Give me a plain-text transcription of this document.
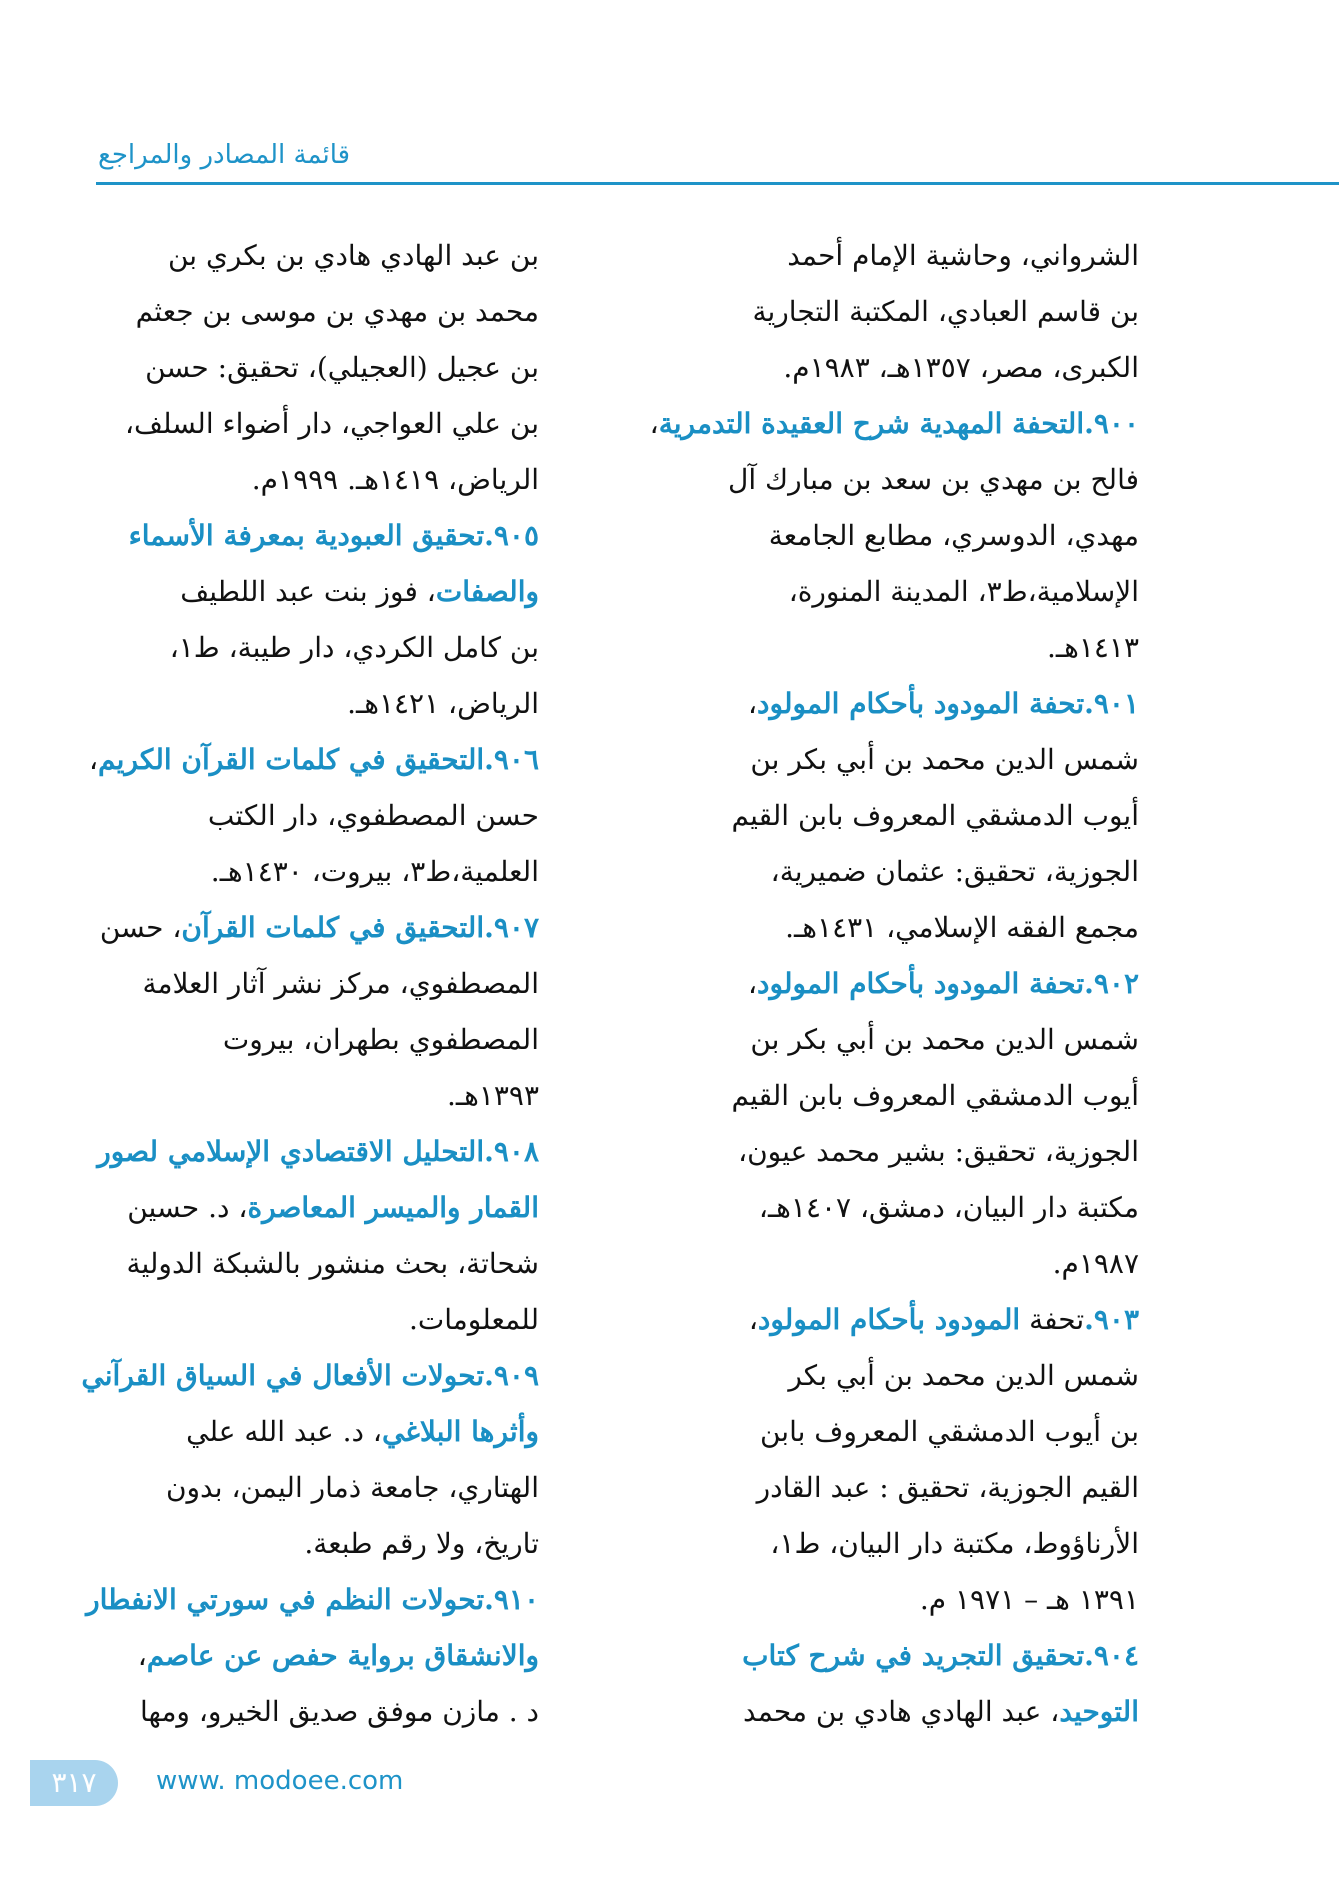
قائمة المصادر والمراجع
الشرواني، وحاشية الإمام أحمد
بن قاسم العبادي، المكتبة التجارية
الكبرى، مصر، ١٣٥٧هـ، ١٩٨٣م.
٩٠٠.التحفة المهدية شرح العقيدة التدمرية،
فالح بن مهدي بن سعد بن مبارك آل
مهدي، الدوسري، مطابع الجامعة
الإسلامية،ط٣، المدينة المنورة،
١٤١٣هـ.
٩٠١.تحفة المودود بأحكام المولود،
شمس الدين محمد بن أبي بكر بن
أيوب الدمشقي المعروف بابن القيم
الجوزية، تحقيق: عثمان ضميرية،
مجمع الفقه الإسلامي، ١٤٣١هـ.
٩٠٢.تحفة المودود بأحكام المولود،
شمس الدين محمد بن أبي بكر بن
أيوب الدمشقي المعروف بابن القيم
الجوزية، تحقيق: بشير محمد عيون،
مكتبة دار البيان، دمشق، ١٤٠٧هـ،
١٩٨٧م.
٩٠٣.تحفة المودود بأحكام المولود،
شمس الدين محمد بن أبي بكر
بن أيوب الدمشقي المعروف بابن
القيم الجوزية، تحقيق : عبد القادر
الأرناؤوط، مكتبة دار البيان، ط١،
١٣٩١ هـ – ١٩٧١ م.
٩٠٤.تحقيق التجريد في شرح كتاب
التوحيد، عبد الهادي هادي بن محمد
بن عبد الهادي هادي بن بكري بن
محمد بن مهدي بن موسى بن جعثم
بن عجيل (العجيلي)، تحقيق: حسن
بن علي العواجي، دار أضواء السلف،
الرياض، ١٤١٩هـ. ١٩٩٩م.
٩٠٥.تحقيق العبودية بمعرفة الأسماء
والصفات، فوز بنت عبد اللطيف
بن كامل الكردي، دار طيبة، ط١،
الرياض، ١٤٢١هـ.
٩٠٦.التحقيق في كلمات القرآن الكريم،
حسن المصطفوي، دار الكتب
العلمية،ط٣، بيروت، ١٤٣٠هـ.
٩٠٧.التحقيق في كلمات القرآن، حسن
المصطفوي، مركز نشر آثار العلامة
المصطفوي بطهران، بيروت
١٣٩٣هـ.
٩٠٨.التحليل الاقتصادي الإسلامي لصور
القمار والميسر المعاصرة، د. حسين
شحاتة، بحث منشور بالشبكة الدولية
للمعلومات.
٩٠٩.تحولات الأفعال في السياق القرآني
وأثرها البلاغي، د. عبد الله علي
الهتاري، جامعة ذمار اليمن، بدون
تاريخ، ولا رقم طبعة.
٩١٠.تحولات النظم في سورتي الانفطار
والانشقاق برواية حفص عن عاصم،
د . مازن موفق صديق الخيرو، ومها
٣١٧	www. modoee.com
